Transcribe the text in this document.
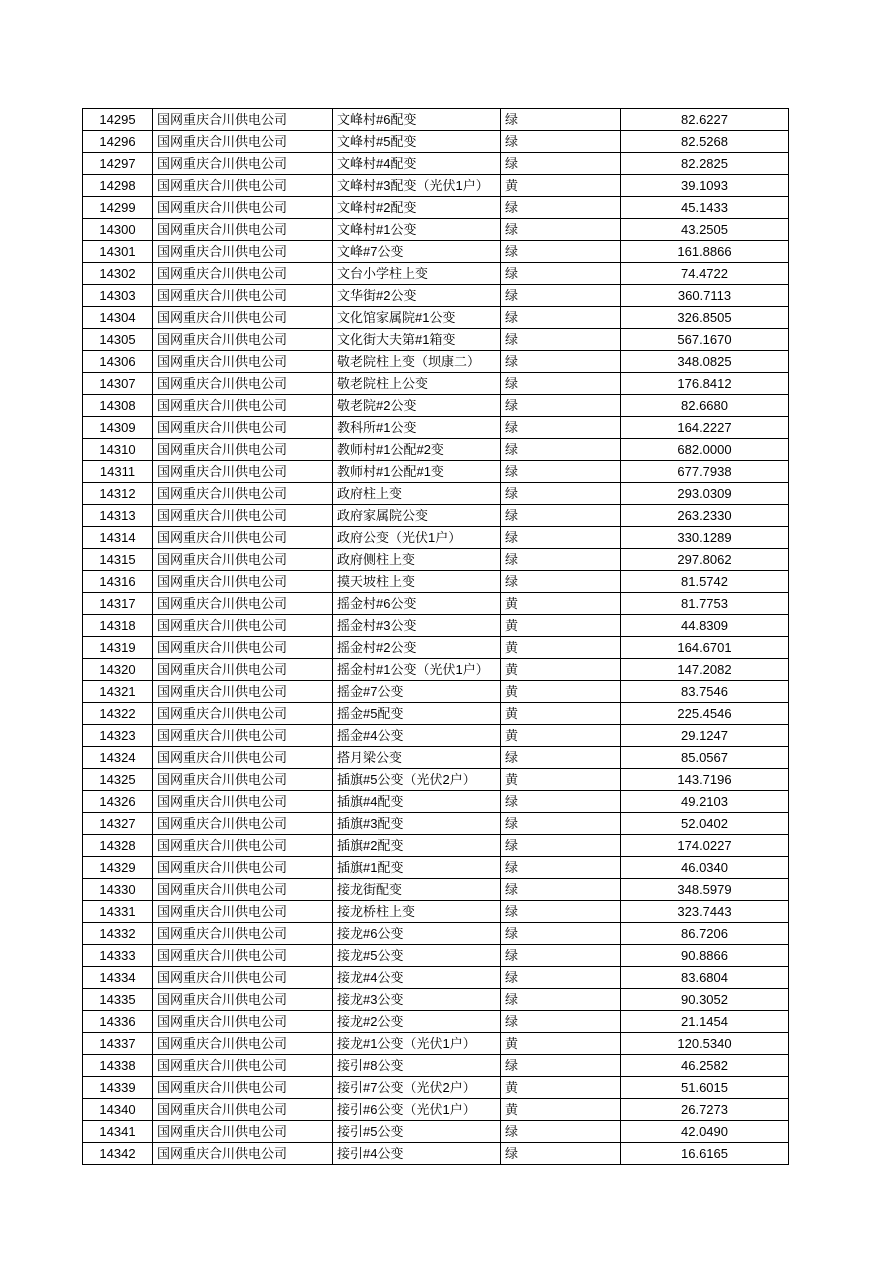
14295	国网重庆合川供电公司	文峰村#6配变	绿	82.6227
14296	国网重庆合川供电公司	文峰村#5配变	绿	82.5268
14297	国网重庆合川供电公司	文峰村#4配变	绿	82.2825
14298	国网重庆合川供电公司	文峰村#3配变（光伏1户）	黄	39.1093
14299	国网重庆合川供电公司	文峰村#2配变	绿	45.1433
14300	国网重庆合川供电公司	文峰村#1公变	绿	43.2505
14301	国网重庆合川供电公司	文峰#7公变	绿	161.8866
14302	国网重庆合川供电公司	文台小学柱上变	绿	74.4722
14303	国网重庆合川供电公司	文华街#2公变	绿	360.7113
14304	国网重庆合川供电公司	文化馆家属院#1公变	绿	326.8505
14305	国网重庆合川供电公司	文化街大夫第#1箱变	绿	567.1670
14306	国网重庆合川供电公司	敬老院柱上变（坝康二）	绿	348.0825
14307	国网重庆合川供电公司	敬老院柱上公变	绿	176.8412
14308	国网重庆合川供电公司	敬老院#2公变	绿	82.6680
14309	国网重庆合川供电公司	教科所#1公变	绿	164.2227
14310	国网重庆合川供电公司	教师村#1公配#2变	绿	682.0000
14311	国网重庆合川供电公司	教师村#1公配#1变	绿	677.7938
14312	国网重庆合川供电公司	政府柱上变	绿	293.0309
14313	国网重庆合川供电公司	政府家属院公变	绿	263.2330
14314	国网重庆合川供电公司	政府公变（光伏1户）	绿	330.1289
14315	国网重庆合川供电公司	政府侧柱上变	绿	297.8062
14316	国网重庆合川供电公司	摸天坡柱上变	绿	81.5742
14317	国网重庆合川供电公司	摇金村#6公变	黄	81.7753
14318	国网重庆合川供电公司	摇金村#3公变	黄	44.8309
14319	国网重庆合川供电公司	摇金村#2公变	黄	164.6701
14320	国网重庆合川供电公司	摇金村#1公变（光伏1户）	黄	147.2082
14321	国网重庆合川供电公司	摇金#7公变	黄	83.7546
14322	国网重庆合川供电公司	摇金#5配变	黄	225.4546
14323	国网重庆合川供电公司	摇金#4公变	黄	29.1247
14324	国网重庆合川供电公司	搭月梁公变	绿	85.0567
14325	国网重庆合川供电公司	插旗#5公变（光伏2户）	黄	143.7196
14326	国网重庆合川供电公司	插旗#4配变	绿	49.2103
14327	国网重庆合川供电公司	插旗#3配变	绿	52.0402
14328	国网重庆合川供电公司	插旗#2配变	绿	174.0227
14329	国网重庆合川供电公司	插旗#1配变	绿	46.0340
14330	国网重庆合川供电公司	接龙街配变	绿	348.5979
14331	国网重庆合川供电公司	接龙桥柱上变	绿	323.7443
14332	国网重庆合川供电公司	接龙#6公变	绿	86.7206
14333	国网重庆合川供电公司	接龙#5公变	绿	90.8866
14334	国网重庆合川供电公司	接龙#4公变	绿	83.6804
14335	国网重庆合川供电公司	接龙#3公变	绿	90.3052
14336	国网重庆合川供电公司	接龙#2公变	绿	21.1454
14337	国网重庆合川供电公司	接龙#1公变（光伏1户）	黄	120.5340
14338	国网重庆合川供电公司	接引#8公变	绿	46.2582
14339	国网重庆合川供电公司	接引#7公变（光伏2户）	黄	51.6015
14340	国网重庆合川供电公司	接引#6公变（光伏1户）	黄	26.7273
14341	国网重庆合川供电公司	接引#5公变	绿	42.0490
14342	国网重庆合川供电公司	接引#4公变	绿	16.6165
